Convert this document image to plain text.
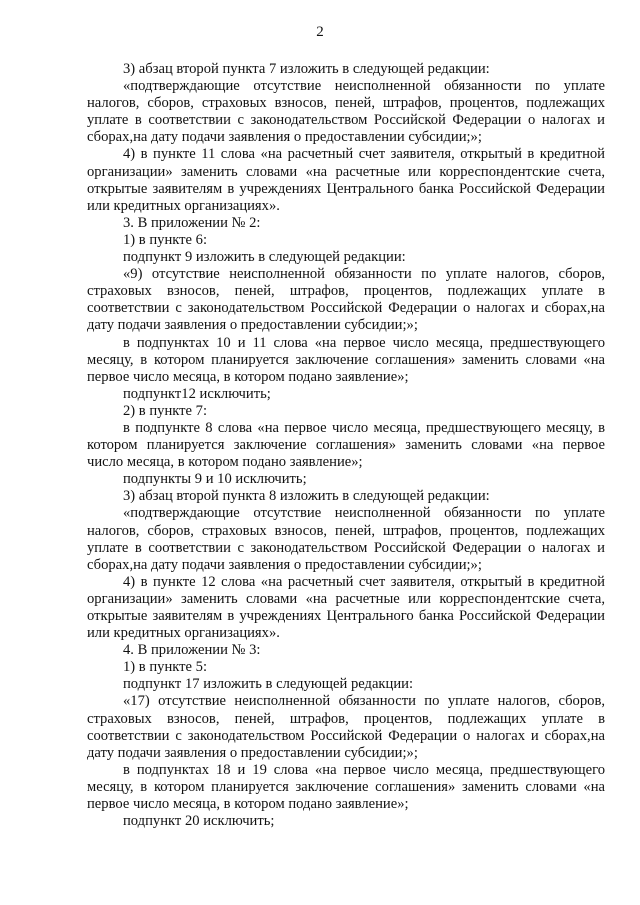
2

3) абзац второй пункта 7 изложить в следующей редакции:

«подтверждающие отсутствие неисполненной обязанности по уплате налогов, сборов, страховых взносов, пеней, штрафов, процентов, подлежащих уплате в соответствии с законодательством Российской Федерации о налогах и сборах,на дату подачи заявления о предоставлении субсидии;»;

4) в пункте 11 слова «на расчетный счет заявителя, открытый в кредитной организации» заменить словами «на расчетные или корреспондентские счета, открытые заявителям в учреждениях Центрального банка Российской Федерации или кредитных организациях».

3. В приложении № 2:

1) в пункте 6:

подпункт 9 изложить в следующей редакции:

«9) отсутствие неисполненной обязанности по уплате налогов, сборов, страховых взносов, пеней, штрафов, процентов, подлежащих уплате в соответствии с законодательством Российской Федерации о налогах и сборах,на дату подачи заявления о предоставлении субсидии;»;

в подпунктах 10 и 11 слова «на первое число месяца, предшествующего месяцу, в котором планируется заключение соглашения» заменить словами «на первое число месяца, в котором подано заявление»;

подпункт12 исключить;

2) в пункте 7:

в подпункте 8 слова «на первое число месяца, предшествующего месяцу, в котором планируется заключение соглашения» заменить словами «на первое число месяца, в котором подано заявление»;

подпункты 9 и 10 исключить;

3) абзац второй пункта 8 изложить в следующей редакции:

«подтверждающие отсутствие неисполненной обязанности по уплате налогов, сборов, страховых взносов, пеней, штрафов, процентов, подлежащих уплате в соответствии с законодательством Российской Федерации о налогах и сборах,на дату подачи заявления о предоставлении субсидии;»;

4) в пункте 12 слова «на расчетный счет заявителя, открытый в кредитной организации» заменить словами «на расчетные или корреспондентские счета, открытые заявителям в учреждениях Центрального банка Российской Федерации или кредитных организациях».

4. В приложении № 3:

1) в пункте 5:

подпункт 17 изложить в следующей редакции:

«17) отсутствие неисполненной обязанности по уплате налогов, сборов, страховых взносов, пеней, штрафов, процентов, подлежащих уплате в соответствии с законодательством Российской Федерации о налогах и сборах,на дату подачи заявления о предоставлении субсидии;»;

в подпунктах 18 и 19 слова «на первое число месяца, предшествующего месяцу, в котором планируется заключение соглашения» заменить словами «на первое число месяца, в котором подано заявление»;

подпункт 20 исключить;
